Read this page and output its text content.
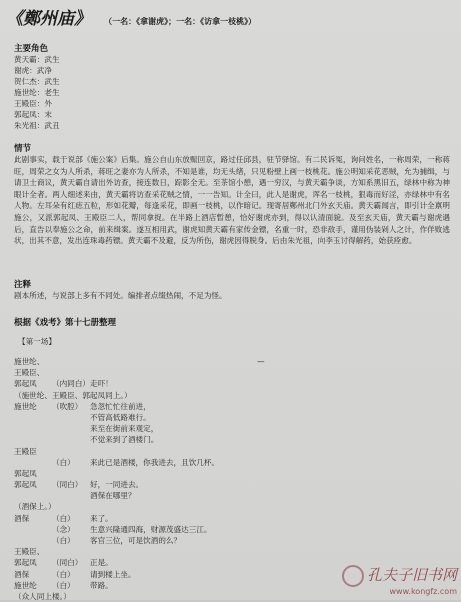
《鄭州庙》 （一名：《拿谢虎》；一名：《访拿一枝桃》）
主要角色
黄天霸：武生
谢虎：武净
贺仁杰：武生
施世纶：老生
王殿臣：外
郭起凤：末
朱光祖：武丑
情节
此剧事实，载于说部《施公案》后集。施公自山东放赈回京，路过任邱县，驻节驿馆。有二民诉冤，询问姓名，一称周荣，一称蒋旺，周荣之女为人所杀，蒋旺之妻亦为人所杀，不知是谁，均无头绪，只见粉壁上画一枝桃花。施公明知采花恶贼，允为捕缉，与请卫士商议，黄天霸自请出外访查，接连数日，踪影全无。至茶馆小憩，遇一穷汉，与黄天霸争谈，方知系黑旧五，绿林中称为神眼计全者。两人细述来由，黄天霸将访查采花贼之情，一一告知。计全曰，此人是谢虎，诨名一枝桃，狠毒而好淫，亦绿林中有名人物。左耳朵有红痣五粒，形如花瓣，每逢采花，即画一枝桃，以作暗记。现寄居鄭州北门外玄天庙。黄天霸闻言，即引计全禀明施公，又派郭起凤、王殿臣二人，帮同拿捉。在半路上酒店暂憩，恰好谢虎亦到，得以认清面貌。及至玄天庙，黄天霸与谢虎遇后，直告以奉施公之命，前来缉案。遂互相用武，谢虎知黄天霸有家传金镖，名重一时，恐非敌手，谨用伪装剁人之计，作佯败逃状，出其不意，发出连珠毒药镖。黄天霸不及避，反为所伤，谢虎因得脱身。后由朱光祖，向李玉讨得解药，始获痊愈。
注释
剧本所述，与说部上多有不同处。编排者点缀热闹，不足为怪。
根据《戏考》第十七册整理
【第一场】
施世纶、	—
王殿臣、
郭起凤 （内同白） 走吓！
（施世纶、王殿臣、郭起凤同上。）
施世纶 （吹腔） 急忽忙忙往前进，
不管高低路难行。
来至在街前来观定，
不觉来到了酒楼门。
王殿臣
（白） 来此已是酒楼，你我进去，且饮几杯。
郭起凤
郭起凤 （同白） 好，一同进去。
酒保在哪里？
（酒保上。）
酒保	（白） 来了。
（念） 生意兴隆通四海，财源茂盛达三江。
（白） 客官三位，可是饮酒的么？
王殿臣、
郭起凤 （同白） 正是。
酒保	（白） 请到楼上坐。
施世纶 （白） 带路。
（众人同上楼。）
孔夫子旧书网
www.kongfz.com
